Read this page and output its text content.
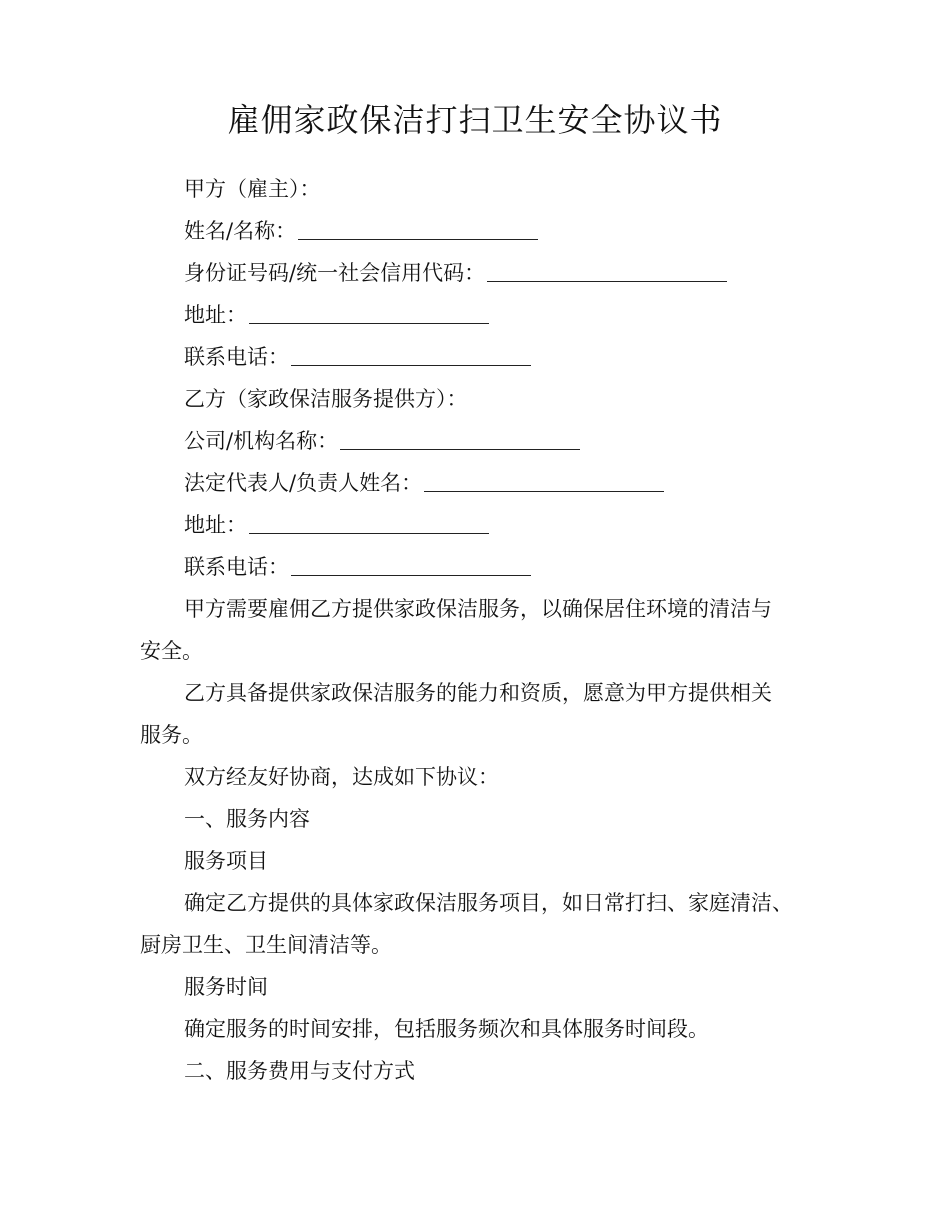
雇佣家政保洁打扫卫生安全协议书

甲方（雇主）：

姓名/名称：

身份证号码/统一社会信用代码：

地址：

联系电话：

乙方（家政保洁服务提供方）：

公司/机构名称：

法定代表人/负责人姓名：

地址：

联系电话：

甲方需要雇佣乙方提供家政保洁服务，以确保居住环境的清洁与

安全。

乙方具备提供家政保洁服务的能力和资质，愿意为甲方提供相关

服务。

双方经友好协商，达成如下协议：

一、服务内容

服务项目

确定乙方提供的具体家政保洁服务项目，如日常打扫、家庭清洁、

厨房卫生、卫生间清洁等。

服务时间

确定服务的时间安排，包括服务频次和具体服务时间段。

二、服务费用与支付方式
